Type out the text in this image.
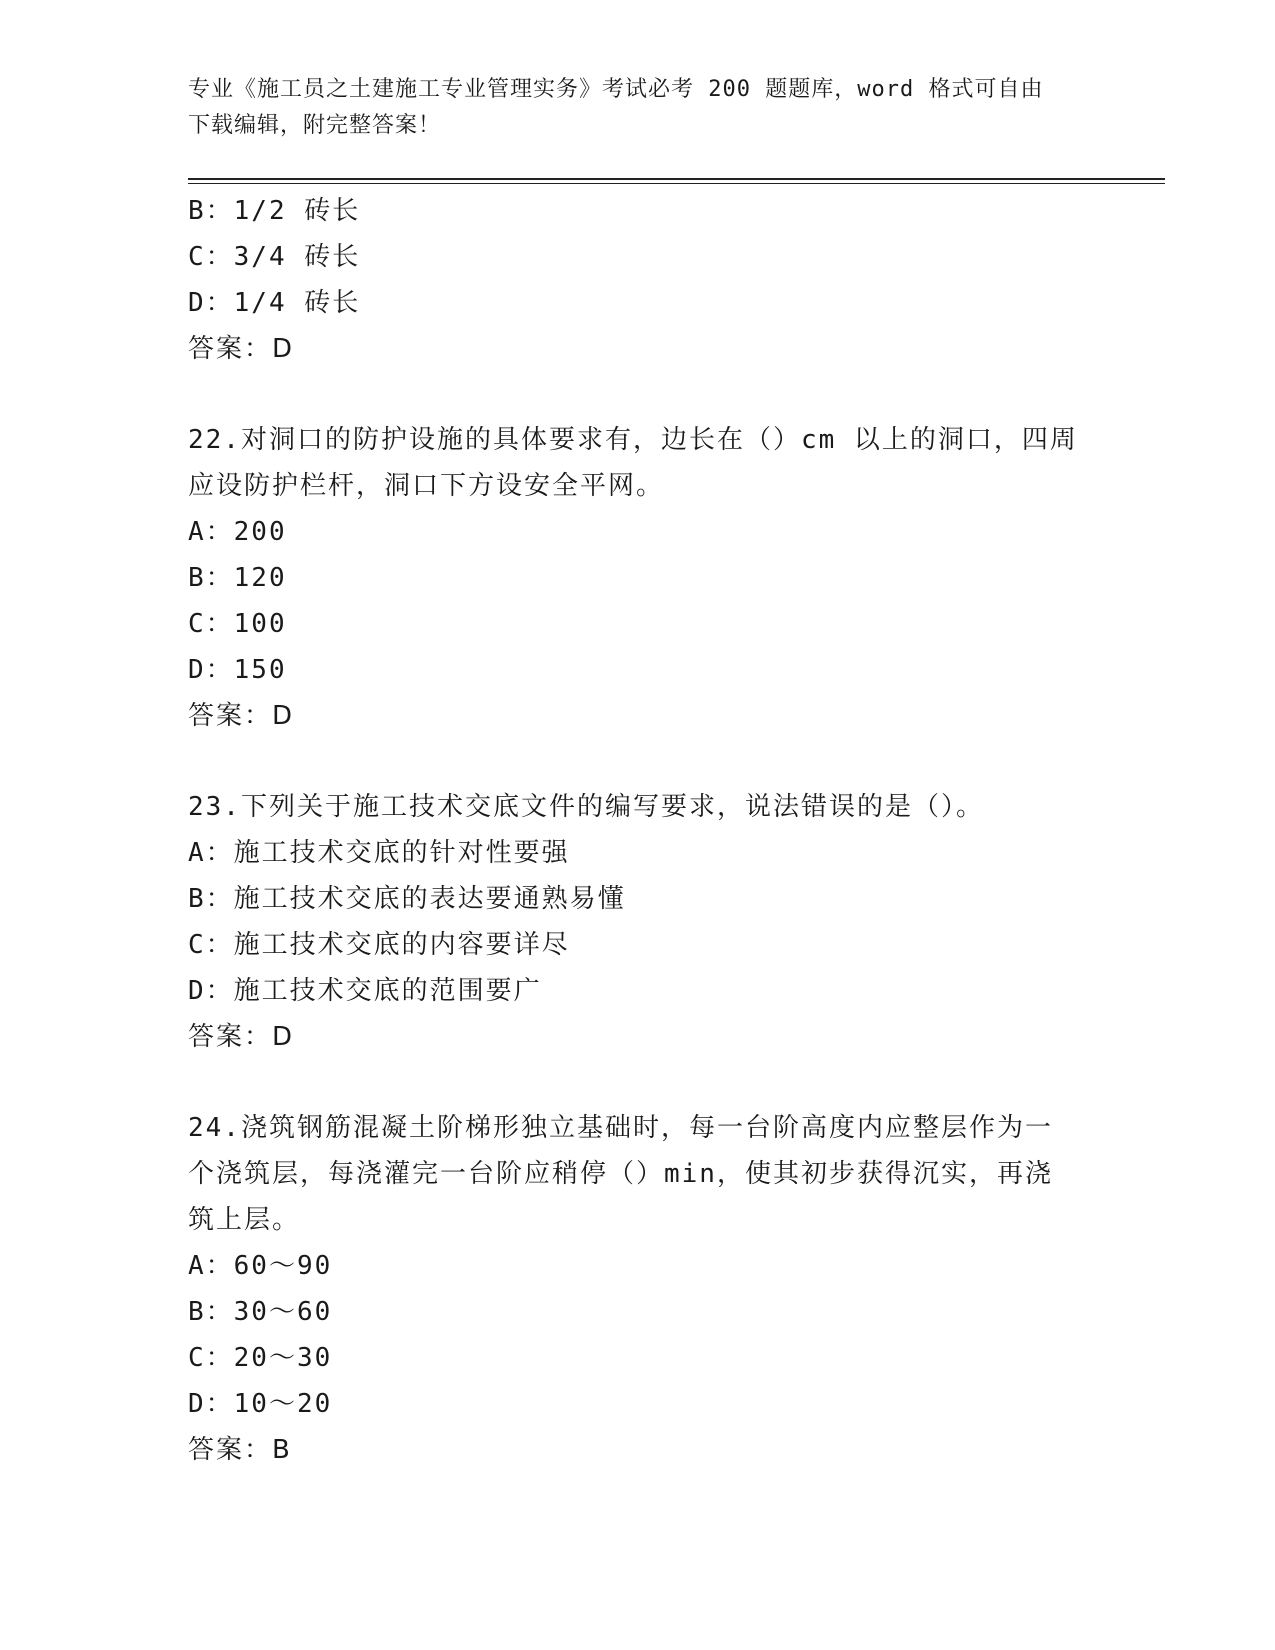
专业《施工员之土建施工专业管理实务》考试必考 200 题题库，word 格式可自由
下载编辑，附完整答案！
B：1/2 砖长
C：3/4 砖长
D：1/4 砖长
答案：D
22.对洞口的防护设施的具体要求有，边长在（）cm 以上的洞口，四周
应设防护栏杆，洞口下方设安全平网。
A：200
B：120
C：100
D：150
答案：D
23.下列关于施工技术交底文件的编写要求，说法错误的是（）。
A：施工技术交底的针对性要强
B：施工技术交底的表达要通熟易懂
C：施工技术交底的内容要详尽
D：施工技术交底的范围要广
答案：D
24.浇筑钢筋混凝土阶梯形独立基础时，每一台阶高度内应整层作为一
个浇筑层，每浇灌完一台阶应稍停（）min，使其初步获得沉实，再浇
筑上层。
A：60～90
B：30～60
C：20～30
D：10～20
答案：B
